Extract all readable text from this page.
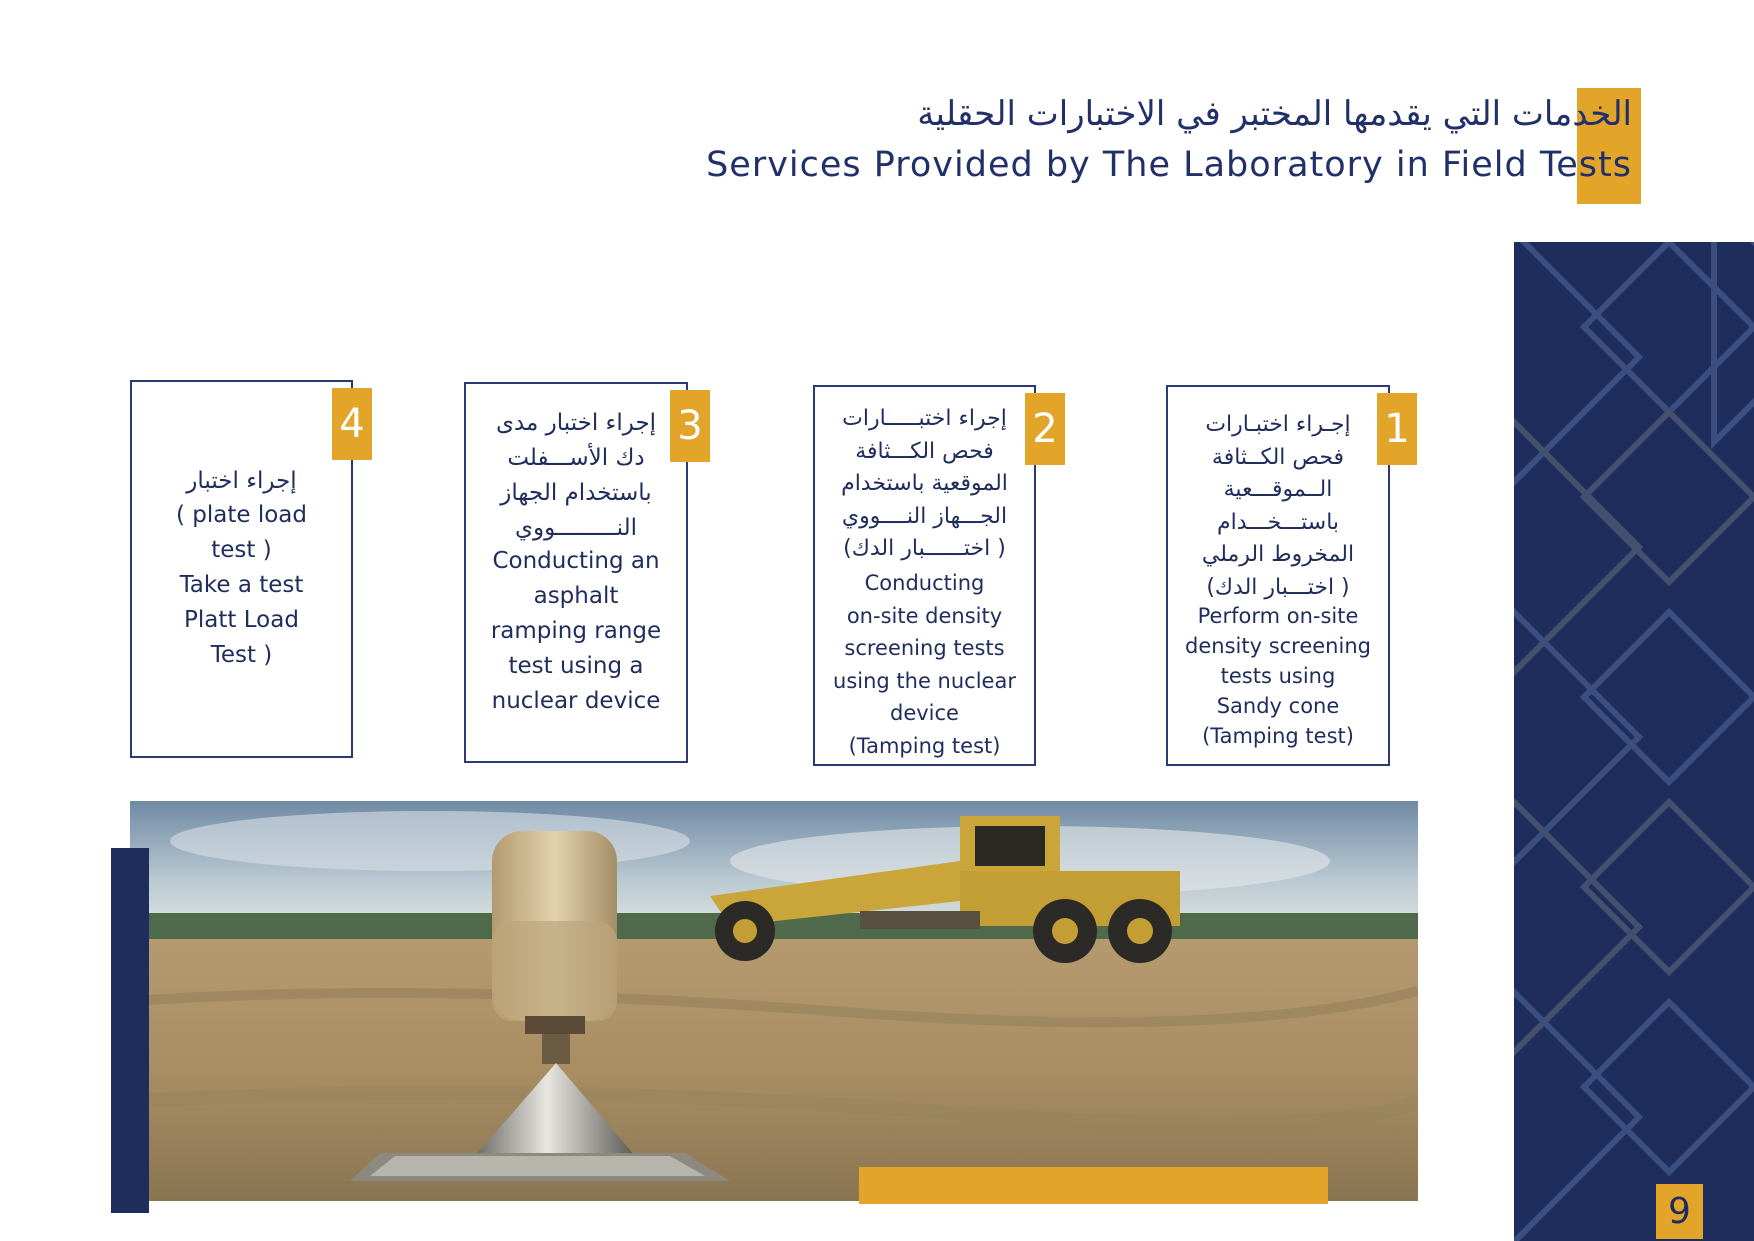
الخدمات التي يقدمها المختبر في الاختبارات الحقلية
Services Provided by The Laboratory in Field Tests
1
إجـراء اختبـارات
فحص الكــثافة
الــموقـــعية
باستـــخـــدام
المخروط الرملي
( اختـــبار الدك)
Perform on-site
density screening
tests using
Sandy cone
(Tamping test)
2
إجراء اختبـــــارات
فحص الكـــثافة
الموقعية باستخدام
الجـــهاز النــــووي
( اختــــــبار الدك)
Conducting
on-site density
screening tests
using the nuclear
device
(Tamping test)
3
إجراء اختبار مدى
دك الأســـفلت
باستخدام الجهاز
النـــــــــووي
Conducting an
asphalt
ramping range
test using a
nuclear device
4
إجراء اختبار
( plate load
test )
Take a test
Platt Load
Test )
9
